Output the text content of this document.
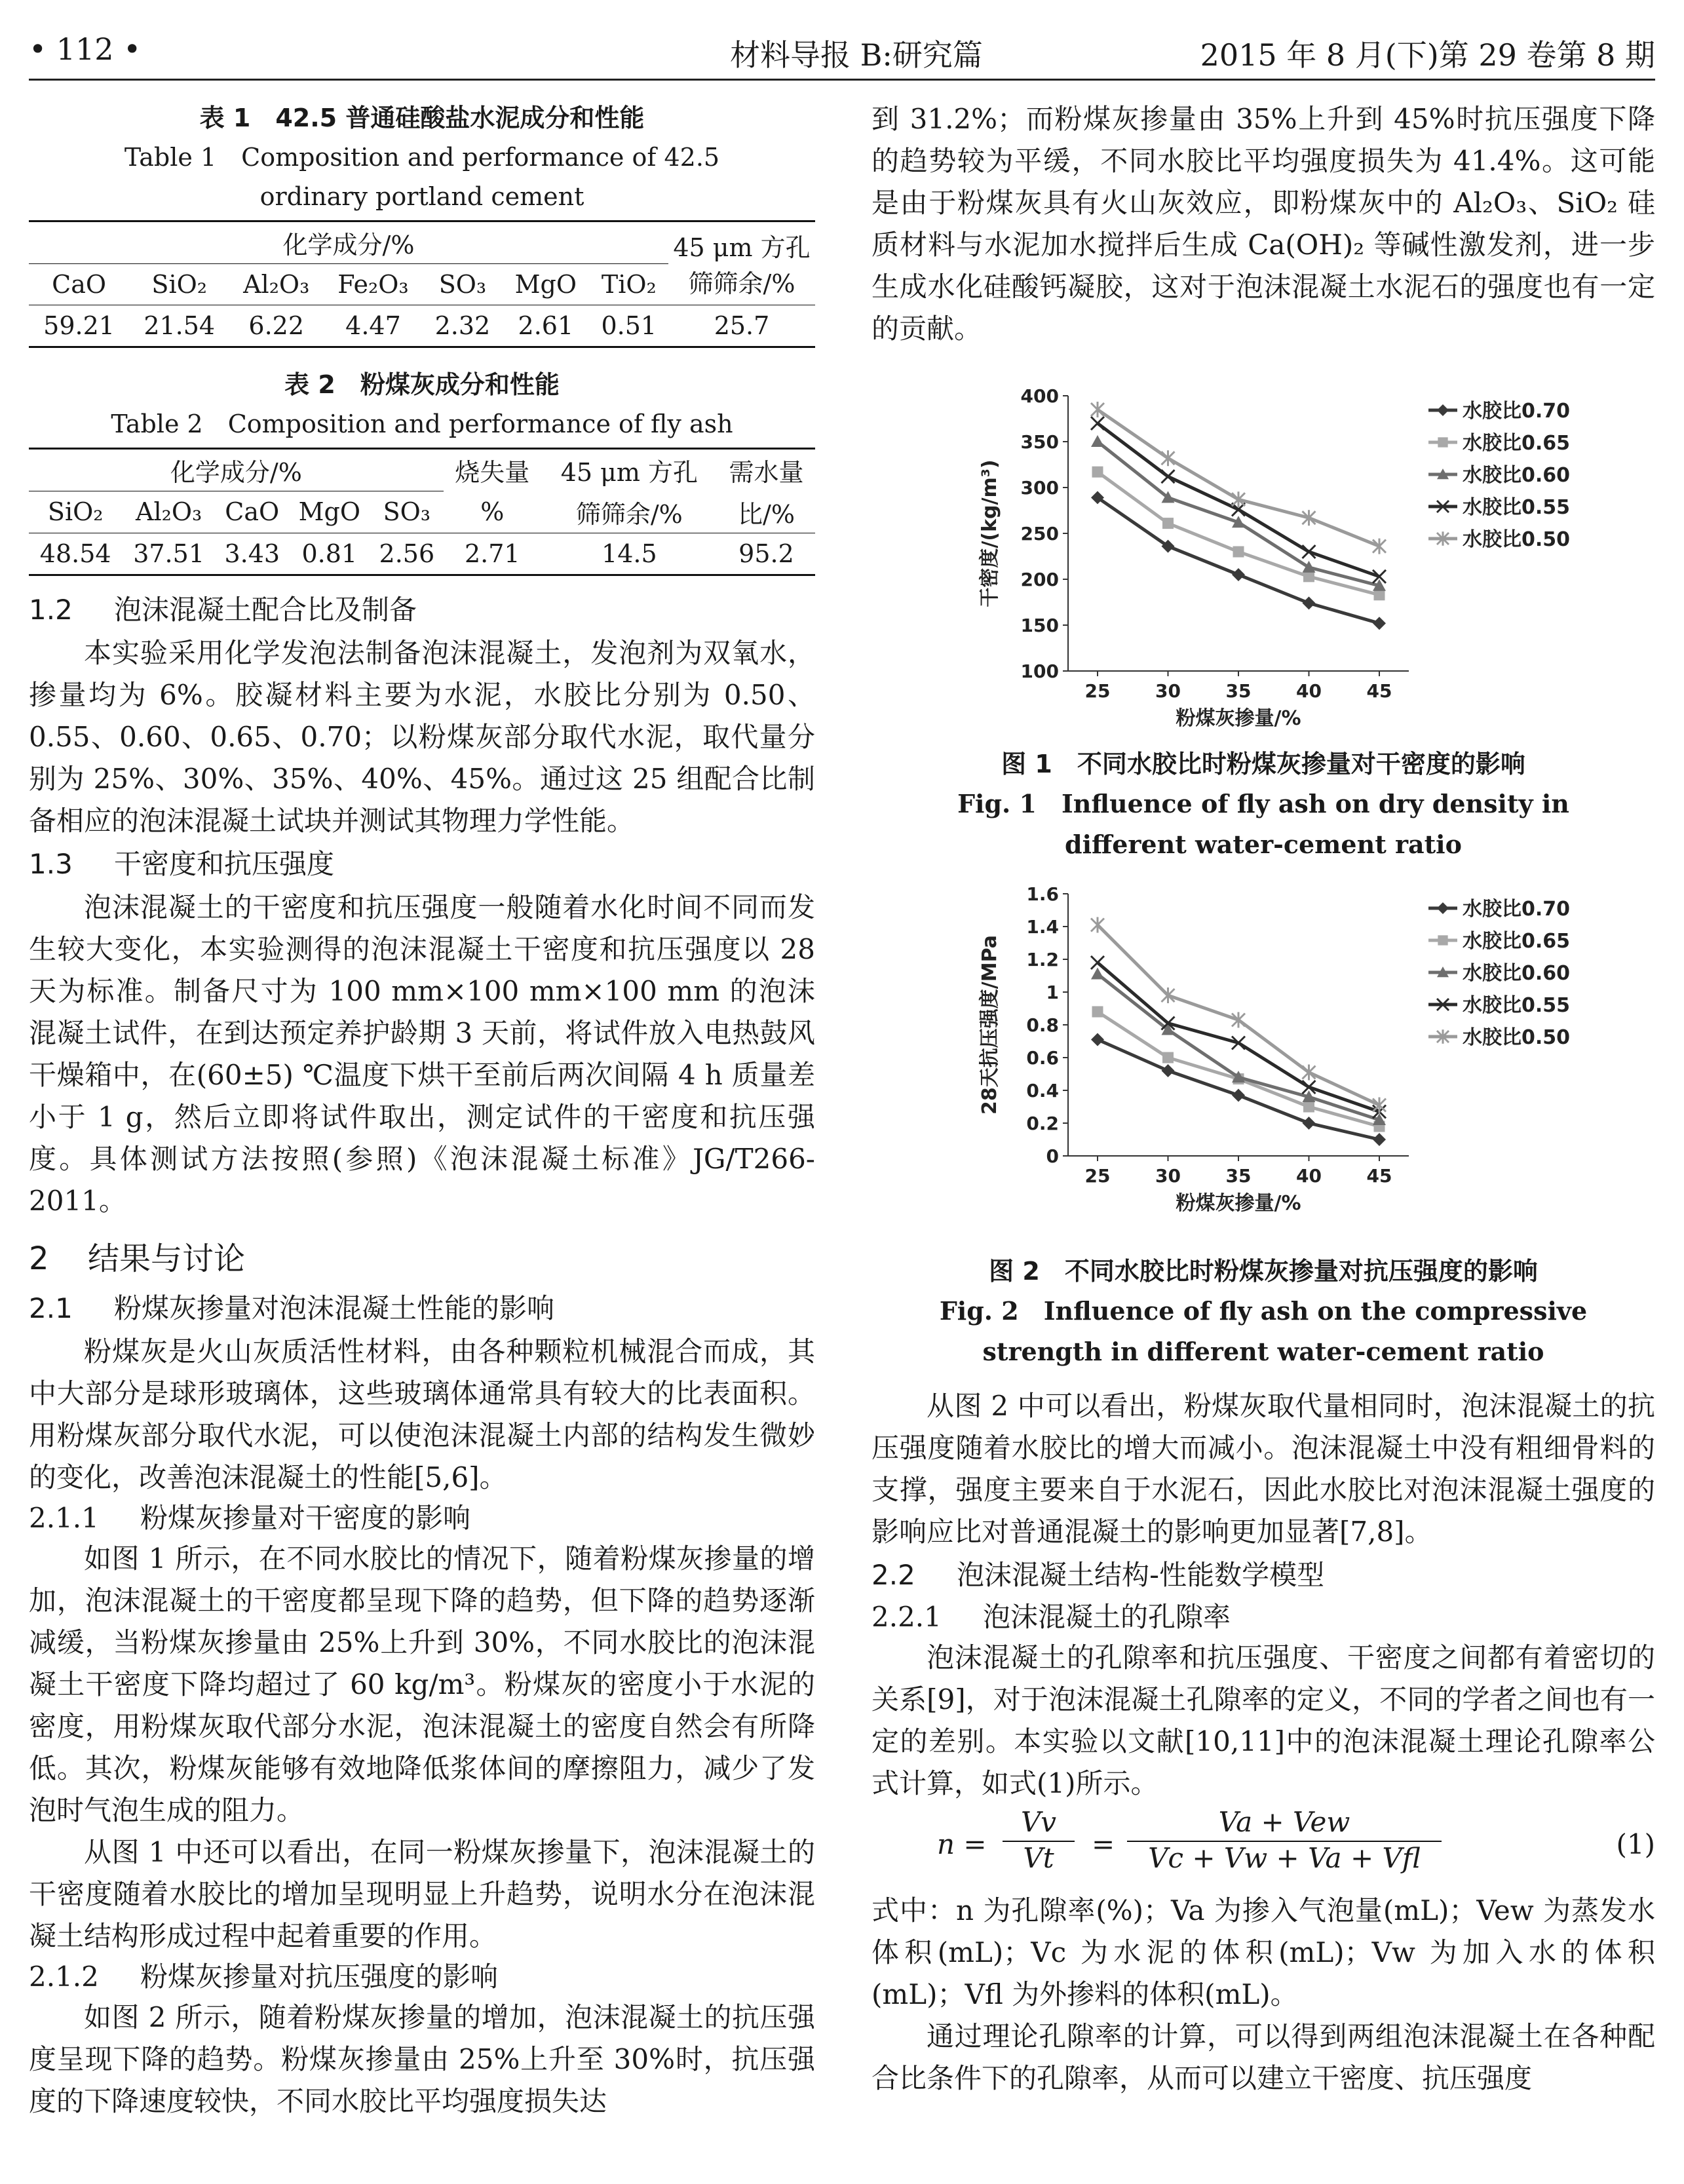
• 112 •	材料导报 B:研究篇	2015 年 8 月(下)第 29 卷第 8 期

表 1　42.5 普通硅酸盐水泥成分和性能

Table 1　Composition and performance of 42.5

ordinary portland cement

化学成分/%							45 μm 方孔筛筛余/%
CaO	SiO₂	Al₂O₃	Fe₂O₃	SO₃	MgO	TiO₂	
59.21	21.54	6.22	4.47	2.32	2.61	0.51	25.7

表 2　粉煤灰成分和性能

Table 2　Composition and performance of fly ash

化学成分/%					烧失量	45 μm 方孔	需水量
SiO₂	Al₂O₃	CaO	MgO	SO₃	%	筛筛余/%	比/%
48.54	37.51	3.43	0.81	2.56	2.71	14.5	95.2
1.2 泡沫混凝土配合比及制备

本实验采用化学发泡法制备泡沫混凝土，发泡剂为双氧水，掺量均为 6%。胶凝材料主要为水泥，水胶比分别为 0.50、0.55、0.60、0.65、0.70；以粉煤灰部分取代水泥，取代量分别为 25%、30%、35%、40%、45%。通过这 25 组配合比制备相应的泡沫混凝土试块并测试其物理力学性能。

1.3 干密度和抗压强度

泡沫混凝土的干密度和抗压强度一般随着水化时间不同而发生较大变化，本实验测得的泡沫混凝土干密度和抗压强度以 28 天为标准。制备尺寸为 100 mm×100 mm×100 mm 的泡沫混凝土试件，在到达预定养护龄期 3 天前，将试件放入电热鼓风干燥箱中，在(60±5) ℃温度下烘干至前后两次间隔 4 h 质量差小于 1 g，然后立即将试件取出，测定试件的干密度和抗压强度。具体测试方法按照(参照)《泡沫混凝土标准》JG/T266-2011。

2 结果与讨论
2.1 粉煤灰掺量对泡沫混凝土性能的影响

粉煤灰是火山灰质活性材料，由各种颗粒机械混合而成，其中大部分是球形玻璃体，这些玻璃体通常具有较大的比表面积。用粉煤灰部分取代水泥，可以使泡沫混凝土内部的结构发生微妙的变化，改善泡沫混凝土的性能[5,6]。

2.1.1 粉煤灰掺量对干密度的影响

如图 1 所示，在不同水胶比的情况下，随着粉煤灰掺量的增加，泡沫混凝土的干密度都呈现下降的趋势，但下降的趋势逐渐减缓，当粉煤灰掺量由 25%上升到 30%，不同水胶比的泡沫混凝土干密度下降均超过了 60 kg/m³。粉煤灰的密度小于水泥的密度，用粉煤灰取代部分水泥，泡沫混凝土的密度自然会有所降低。其次，粉煤灰能够有效地降低浆体间的摩擦阻力，减少了发泡时气泡生成的阻力。

从图 1 中还可以看出，在同一粉煤灰掺量下，泡沫混凝土的干密度随着水胶比的增加呈现明显上升趋势，说明水分在泡沫混凝土结构形成过程中起着重要的作用。

2.1.2 粉煤灰掺量对抗压强度的影响

如图 2 所示，随着粉煤灰掺量的增加，泡沫混凝土的抗压强度呈现下降的趋势。粉煤灰掺量由 25%上升至 30%时，抗压强度的下降速度较快，不同水胶比平均强度损失达

到 31.2%；而粉煤灰掺量由 35%上升到 45%时抗压强度下降的趋势较为平缓，不同水胶比平均强度损失为 41.4%。这可能是由于粉煤灰具有火山灰效应，即粉煤灰中的 Al₂O₃、SiO₂ 硅质材料与水泥加水搅拌后生成 Ca(OH)₂ 等碱性激发剂，进一步生成水化硅酸钙凝胶，这对于泡沫混凝土水泥石的强度也有一定的贡献。

100
150
200
250
300
350
400
25 30 35 40 45
粉煤灰掺量/%
干密度/(kg/m³)
水胶比0.70
水胶比0.65
水胶比0.60
水胶比0.55
水胶比0.50

图 1　不同水胶比时粉煤灰掺量对干密度的影响

Fig. 1　Influence of fly ash on dry density in

different water-cement ratio

0
0.2
0.4
0.6
0.8
1
1.2
1.4
1.6
25 30 35 40 45
粉煤灰掺量/%
28天抗压强度/MPa
水胶比0.70
水胶比0.65
水胶比0.60
水胶比0.55
水胶比0.50

图 2　不同水胶比时粉煤灰掺量对抗压强度的影响

Fig. 2　Influence of fly ash on the compressive

strength in different water-cement ratio

从图 2 中可以看出，粉煤灰取代量相同时，泡沫混凝土的抗压强度随着水胶比的增大而减小。泡沫混凝土中没有粗细骨料的支撑，强度主要来自于水泥石，因此水胶比对泡沫混凝土强度的影响应比对普通混凝土的影响更加显著[7,8]。

2.2 泡沫混凝土结构-性能数学模型
2.2.1 泡沫混凝土的孔隙率

泡沫混凝土的孔隙率和抗压强度、干密度之间都有着密切的关系[9]，对于泡沫混凝土孔隙率的定义，不同的学者之间也有一定的差别。本实验以文献[10,11]中的泡沫混凝土理论孔隙率公式计算，如式(1)所示。

$n = \frac{Vv}{Vt}$ =
Va + Vew
Vc + Vw + Va + Vfl	(1)

式中：n 为孔隙率(%)；Va 为掺入气泡量(mL)；Vew 为蒸发水体积(mL)；Vc 为水泥的体积(mL)；Vw 为加入水的体积(mL)；Vfl 为外掺料的体积(mL)。

通过理论孔隙率的计算，可以得到两组泡沫混凝土在各种配合比条件下的孔隙率，从而可以建立干密度、抗压强度
